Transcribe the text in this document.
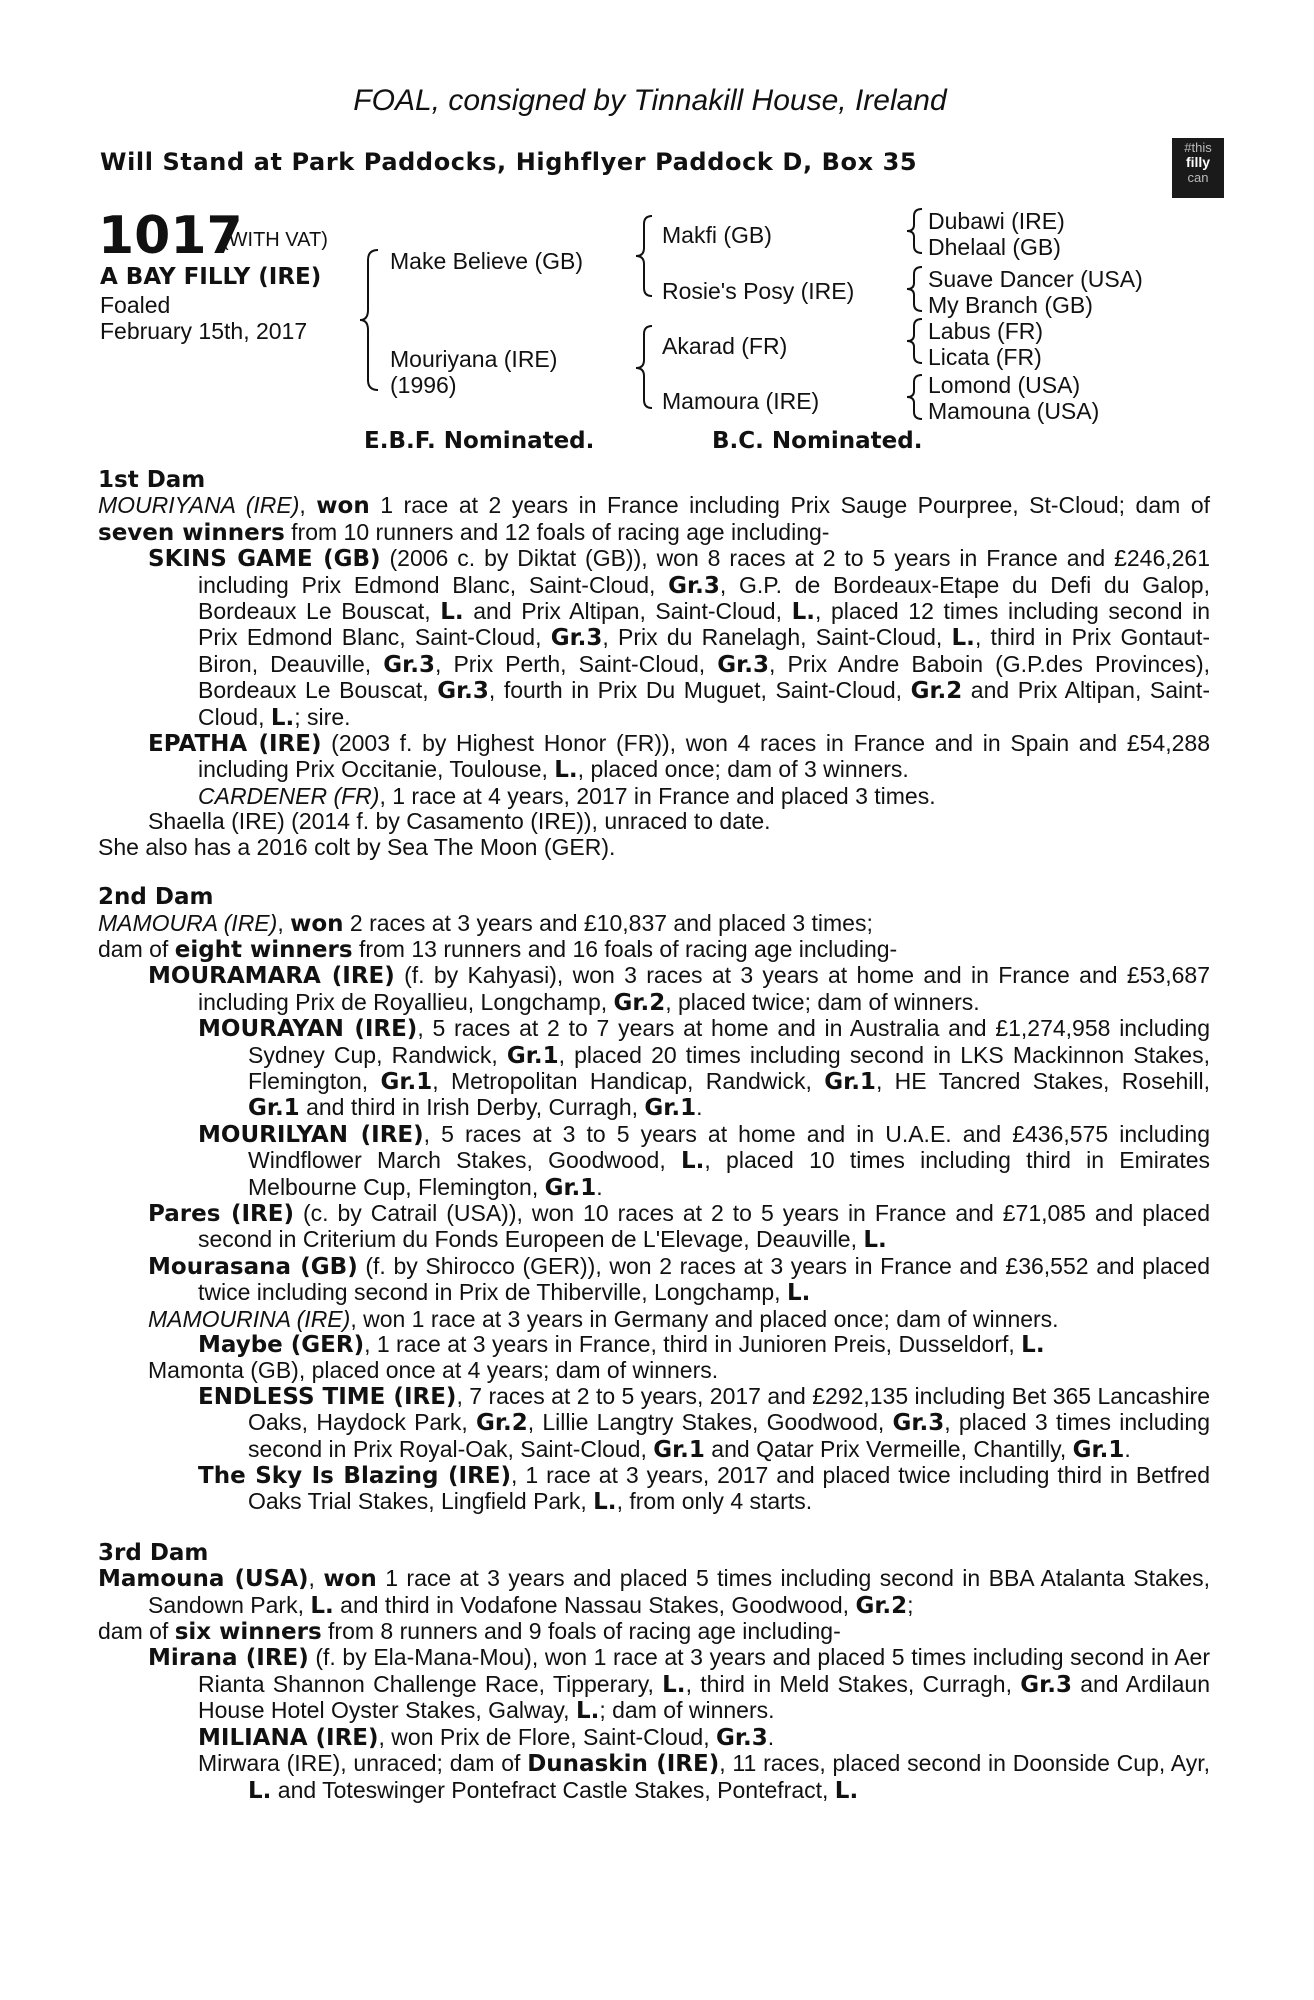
FOAL, consigned by Tinnakill House, Ireland
Will Stand at Park Paddocks, Highflyer Paddock D, Box 35
#this
filly
can
1017
(WITH VAT)
A BAY FILLY (IRE)
Foaled
February 15th, 2017
Make Believe (GB)
Mouriyana (IRE)
(1996)
Makfi (GB)
Rosie's Posy (IRE)
Akarad (FR)
Mamoura (IRE)
Dubawi (IRE)
Dhelaal (GB)
Suave Dancer (USA)
My Branch (GB)
Labus (FR)
Licata (FR)
Lomond (USA)
Mamouna (USA)
E.B.F. Nominated.	B.C. Nominated.
1st Dam

MOURIYANA (IRE), won 1 race at 2 years in France including Prix Sauge Pourpree, St-Cloud; dam of seven winners from 10 runners and 12 foals of racing age including-

SKINS GAME (GB) (2006 c. by Diktat (GB)), won 8 races at 2 to 5 years in France and £246,261 including Prix Edmond Blanc, Saint-Cloud, Gr.3, G.P. de Bordeaux-Etape du Defi du Galop, Bordeaux Le Bouscat, L. and Prix Altipan, Saint-Cloud, L., placed 12 times including second in Prix Edmond Blanc, Saint-Cloud, Gr.3, Prix du Ranelagh, Saint-Cloud, L., third in Prix Gontaut-Biron, Deauville, Gr.3, Prix Perth, Saint-Cloud, Gr.3, Prix Andre Baboin (G.P.des Provinces), Bordeaux Le Bouscat, Gr.3, fourth in Prix Du Muguet, Saint-Cloud, Gr.2 and Prix Altipan, Saint-Cloud, L.; sire.

EPATHA (IRE) (2003 f. by Highest Honor (FR)), won 4 races in France and in Spain and £54,288 including Prix Occitanie, Toulouse, L., placed once; dam of 3 winners.

CARDENER (FR), 1 race at 4 years, 2017 in France and placed 3 times.

Shaella (IRE) (2014 f. by Casamento (IRE)), unraced to date.

She also has a 2016 colt by Sea The Moon (GER).

2nd Dam

MAMOURA (IRE), won 2 races at 3 years and £10,837 and placed 3 times;
dam of eight winners from 13 runners and 16 foals of racing age including-

MOURAMARA (IRE) (f. by Kahyasi), won 3 races at 3 years at home and in France and £53,687 including Prix de Royallieu, Longchamp, Gr.2, placed twice; dam of winners.

MOURAYAN (IRE), 5 races at 2 to 7 years at home and in Australia and £1,274,958 including Sydney Cup, Randwick, Gr.1, placed 20 times including second in LKS Mackinnon Stakes, Flemington, Gr.1, Metropolitan Handicap, Randwick, Gr.1, HE Tancred Stakes, Rosehill, Gr.1 and third in Irish Derby, Curragh, Gr.1.

MOURILYAN (IRE), 5 races at 3 to 5 years at home and in U.A.E. and £436,575 including Windflower March Stakes, Goodwood, L., placed 10 times including third in Emirates Melbourne Cup, Flemington, Gr.1.

Pares (IRE) (c. by Catrail (USA)), won 10 races at 2 to 5 years in France and £71,085 and placed second in Criterium du Fonds Europeen de L'Elevage, Deauville, L.

Mourasana (GB) (f. by Shirocco (GER)), won 2 races at 3 years in France and £36,552 and placed twice including second in Prix de Thiberville, Longchamp, L.

MAMOURINA (IRE), won 1 race at 3 years in Germany and placed once; dam of winners.

Maybe (GER), 1 race at 3 years in France, third in Junioren Preis, Dusseldorf, L.

Mamonta (GB), placed once at 4 years; dam of winners.

ENDLESS TIME (IRE), 7 races at 2 to 5 years, 2017 and £292,135 including Bet 365 Lancashire Oaks, Haydock Park, Gr.2, Lillie Langtry Stakes, Goodwood, Gr.3, placed 3 times including second in Prix Royal-Oak, Saint-Cloud, Gr.1 and Qatar Prix Vermeille, Chantilly, Gr.1.

The Sky Is Blazing (IRE), 1 race at 3 years, 2017 and placed twice including third in Betfred Oaks Trial Stakes, Lingfield Park, L., from only 4 starts.

3rd Dam

Mamouna (USA), won 1 race at 3 years and placed 5 times including second in BBA Atalanta Stakes, Sandown Park, L. and third in Vodafone Nassau Stakes, Goodwood, Gr.2;

dam of six winners from 8 runners and 9 foals of racing age including-

Mirana (IRE) (f. by Ela-Mana-Mou), won 1 race at 3 years and placed 5 times including second in Aer Rianta Shannon Challenge Race, Tipperary, L., third in Meld Stakes, Curragh, Gr.3 and Ardilaun House Hotel Oyster Stakes, Galway, L.; dam of winners.

MILIANA (IRE), won Prix de Flore, Saint-Cloud, Gr.3.

Mirwara (IRE), unraced; dam of Dunaskin (IRE), 11 races, placed second in Doonside Cup, Ayr, L. and Toteswinger Pontefract Castle Stakes, Pontefract, L.
